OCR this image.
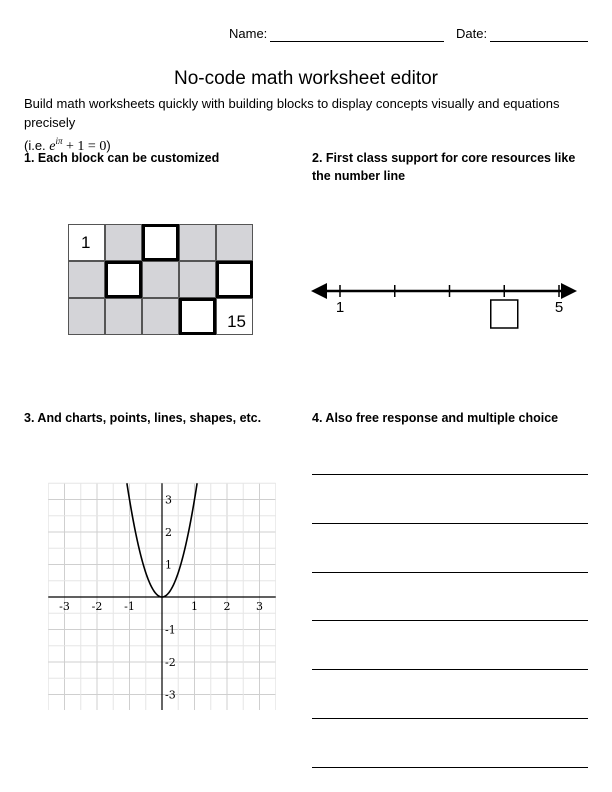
Name:	Date:
No-code math worksheet editor
Build math worksheets quickly with building blocks to display concepts visually and equations precisely
(i.e. $e^{i\pi} + 1 = 0$)
1. Each block can be customized	2. First class support for core resources like the number line
3. And charts, points, lines, shapes, etc.	4. Also free response and multiple choice
1
15
1	5
-3 -2 -1	1 2 3
3
2
1
-1
-2
-3
